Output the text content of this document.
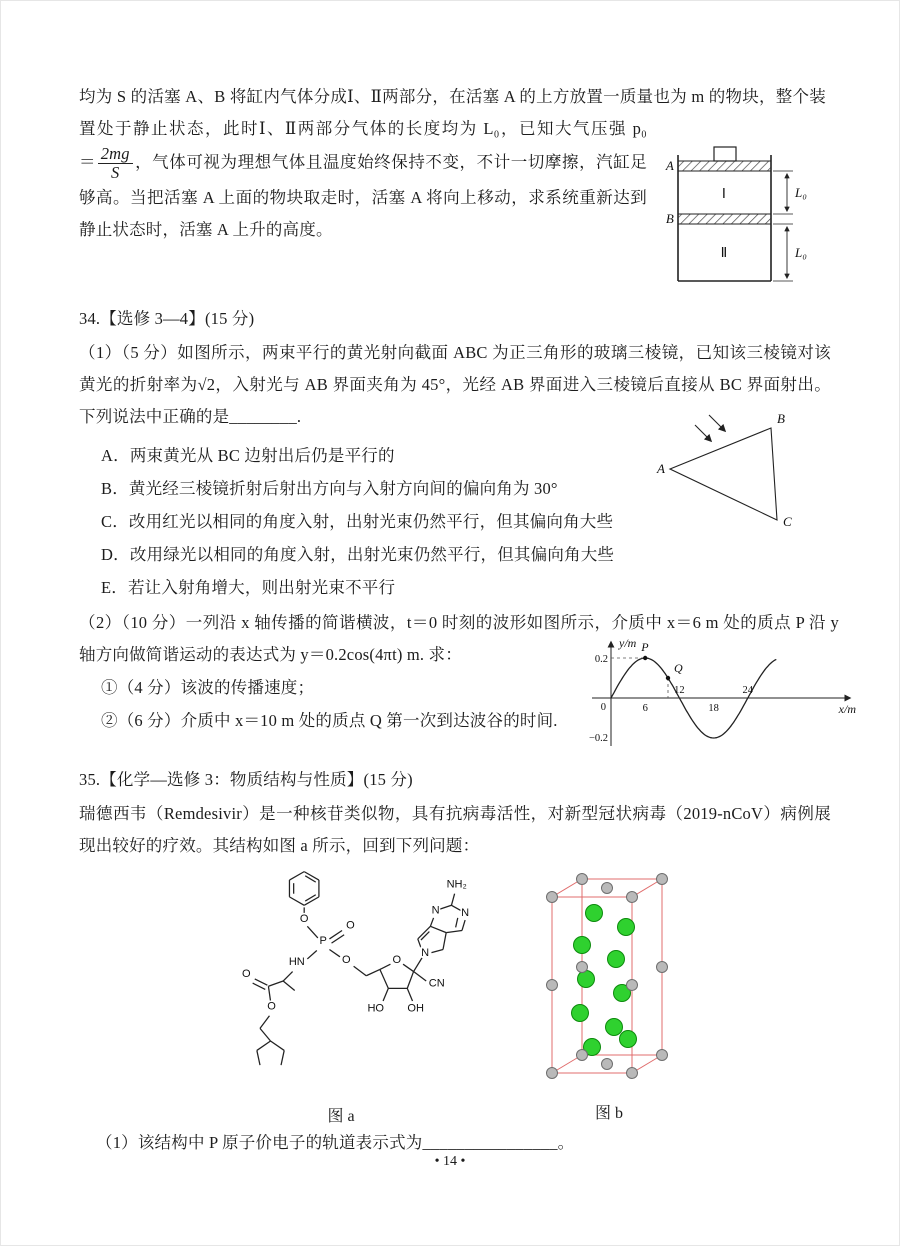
A
B
Ⅰ
Ⅱ
L₀
L₀
均为 S 的活塞 A、B 将缸内气体分成Ⅰ、Ⅱ两部分，在活塞 A 的上方放置一质量也为 m 的物块，整个装置处于静止状态，此时Ⅰ、Ⅱ两部分气体的长度均为 L₀，已知大气压强 $p_0= \frac{2mg}{S}$ ，气体可视为理想气体且温度始终保持不变，不计一切摩擦，汽缸足够高。当把活塞 A 上面的物块取走时，活塞 A 将向上移动，求系统重新达到静止状态时，活塞 A 上升的高度。
34.【选修 3—4】(15 分)
（1）（5 分）如图所示，两束平行的黄光射向截面 ABC 为正三角形的玻璃三棱镜，已知该三棱镜对该黄光的折射率为√2，入射光与 AB 界面夹角为 45°，光经 AB 界面进入三棱镜后直接从 BC 界面射出。下列说法中正确的是________.
A．两束黄光从 BC 边射出后仍是平行的
B．黄光经三棱镜折射后射出方向与入射方向间的偏向角为 30°
C．改用红光以相同的角度入射，出射光束仍然平行，但其偏向角大些
D．改用绿光以相同的角度入射，出射光束仍然平行，但其偏向角大些
E．若让入射角增大，则出射光束不平行
A
B
C
（2）（10 分）一列沿 x 轴传播的简谐横波，t＝0 时刻的波形如图所示，介质中 x＝6 m 处的质点 P 沿 y 轴方向做简谐运动的表达式为 y＝0.2cos(4πt) m. 求：
①（4 分）该波的传播速度；
②（6 分）介质中 x＝10 m 处的质点 Q 第一次到达波谷的时间.
y/m
x/m
0.2
−0.2
0	6
12
18
24
P
Q
35.【化学—选修 3：物质结构与性质】(15 分)
瑞德西韦（Remdesivir）是一种核苷类似物，具有抗病毒活性，对新型冠状病毒（2019-nCoV）病例展现出较好的疗效。其结构如图 a 所示，回到下列问题：
O
P
O
O
HN	O
CN
OH
HO
N
N N
NH₂
O
O
图 a	图 b
（1）该结构中 P 原子价电子的轨道表示式为________________。
• 14 •
